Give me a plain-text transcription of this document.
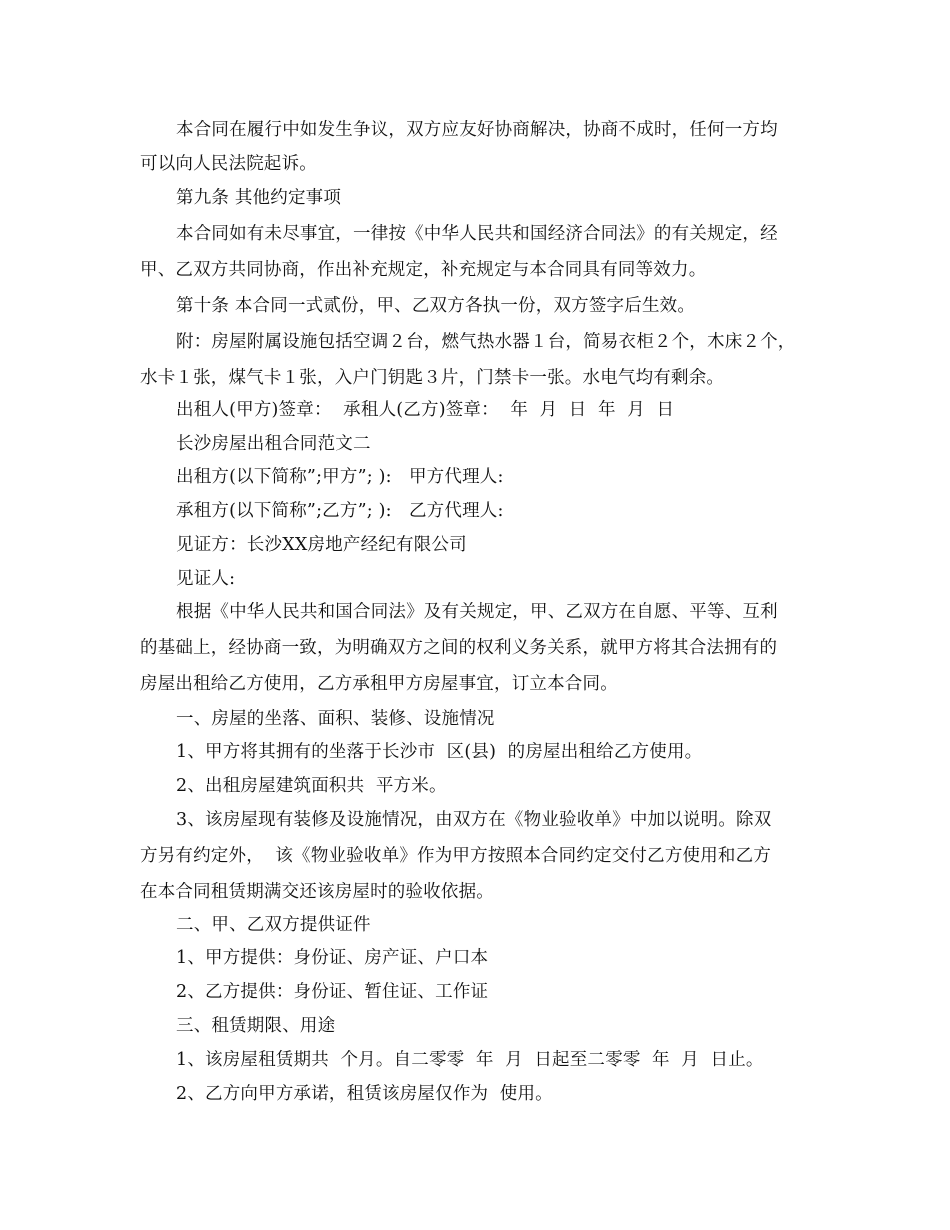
本合同在履行中如发生争议，双方应友好协商解决，协商不成时，任何一方均
可以向人民法院起诉。
第九条 其他约定事项
本合同如有未尽事宜，一律按《中华人民共和国经济合同法》的有关规定，经
甲、乙双方共同协商，作出补充规定，补充规定与本合同具有同等效力。
第十条 本合同一式贰份，甲、乙双方各执一份，双方签字后生效。
附：房屋附属设施包括空调２台，燃气热水器１台，简易衣柜２个，木床２个，
水卡１张，煤气卡１张，入户门钥匙３片，门禁卡一张。水电气均有剩余。
出租人(甲方)签章：  承租人(乙方)签章：  年  月  日  年  月  日
长沙房屋出租合同范文二
出租方(以下简称”;甲方”; ):   甲方代理人:
承租方(以下简称”;乙方”; ):   乙方代理人:
见证方：长沙XX房地产经纪有限公司
见证人:
根据《中华人民共和国合同法》及有关规定，甲、乙双方在自愿、平等、互利
的基础上，经协商一致，为明确双方之间的权利义务关系，就甲方将其合法拥有的
房屋出租给乙方使用，乙方承租甲方房屋事宜，订立本合同。
一、房屋的坐落、面积、装修、设施情况
1、甲方将其拥有的坐落于长沙市  区(县)  的房屋出租给乙方使用。
2、出租房屋建筑面积共  平方米。
3、该房屋现有装修及设施情况，由双方在《物业验收单》中加以说明。除双
方另有约定外，  该《物业验收单》作为甲方按照本合同约定交付乙方使用和乙方
在本合同租赁期满交还该房屋时的验收依据。
二、甲、乙双方提供证件
1、甲方提供：身份证、房产证、户口本
2、乙方提供：身份证、暂住证、工作证
三、租赁期限、用途
1、该房屋租赁期共  个月。自二零零  年  月  日起至二零零  年  月  日止。
2、乙方向甲方承诺，租赁该房屋仅作为  使用。
